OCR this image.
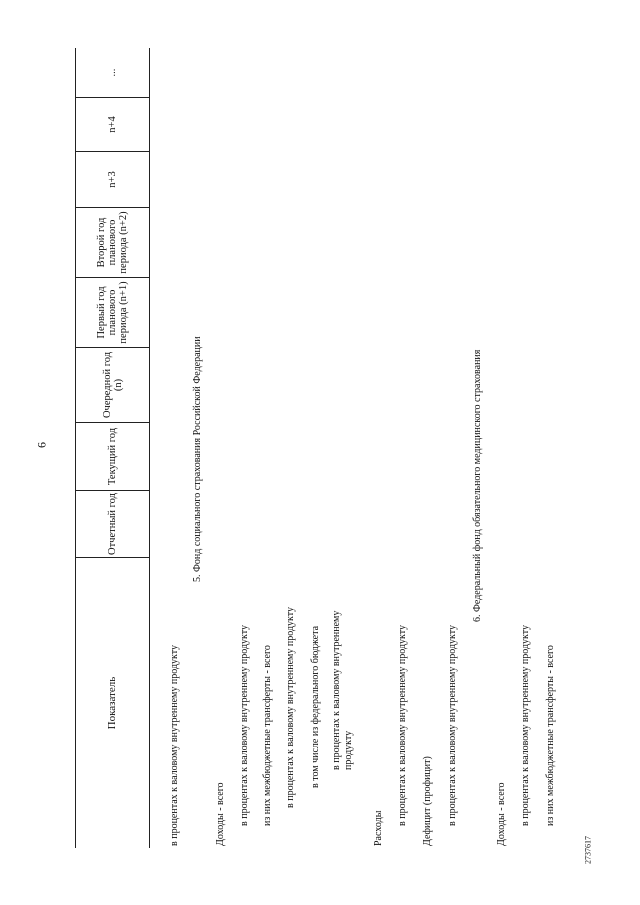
6
2737617
Показатель
Отчетный год
Текущий год
Очередной год (n)
Первый год планового периода (n+1)
Второй год планового периода (n+2)
n+3
n+4
...
в процентах к валовому внутреннему продукту
5. Фонд социального страхования Российской Федерации
Доходы - всего в процентах к валовому внутреннему продукту из них межбюджетные трансферты - всего в процентах к валовому внутреннему продукту в том числе из федерального бюджета в процентах к валовому внутреннему продукту
Расходы
в процентах к валовому внутреннему продукту Дефицит (профицит) в процентах к валовому внутреннему продукту
6. Федеральный фонд обязательного медицинского страхования
Доходы - всего в процентах к валовому внутреннему продукту из них межбюджетные трансферты - всего
